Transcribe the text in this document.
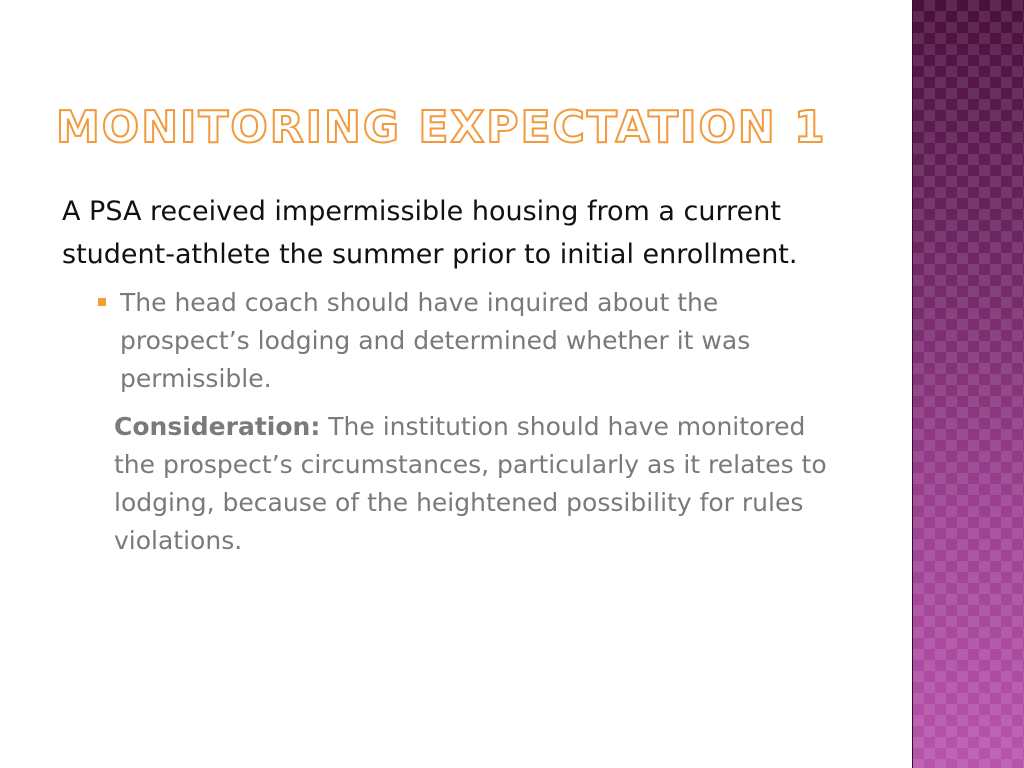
MONITORING EXPECTATION 1

A PSA received impermissible housing from a current student-athlete the summer prior to initial enrollment.

The head coach should have inquired about the prospect’s lodging and determined whether it was permissible.

Consideration: The institution should have monitored the prospect’s circumstances, particularly as it relates to lodging, because of the heightened possibility for rules violations.
